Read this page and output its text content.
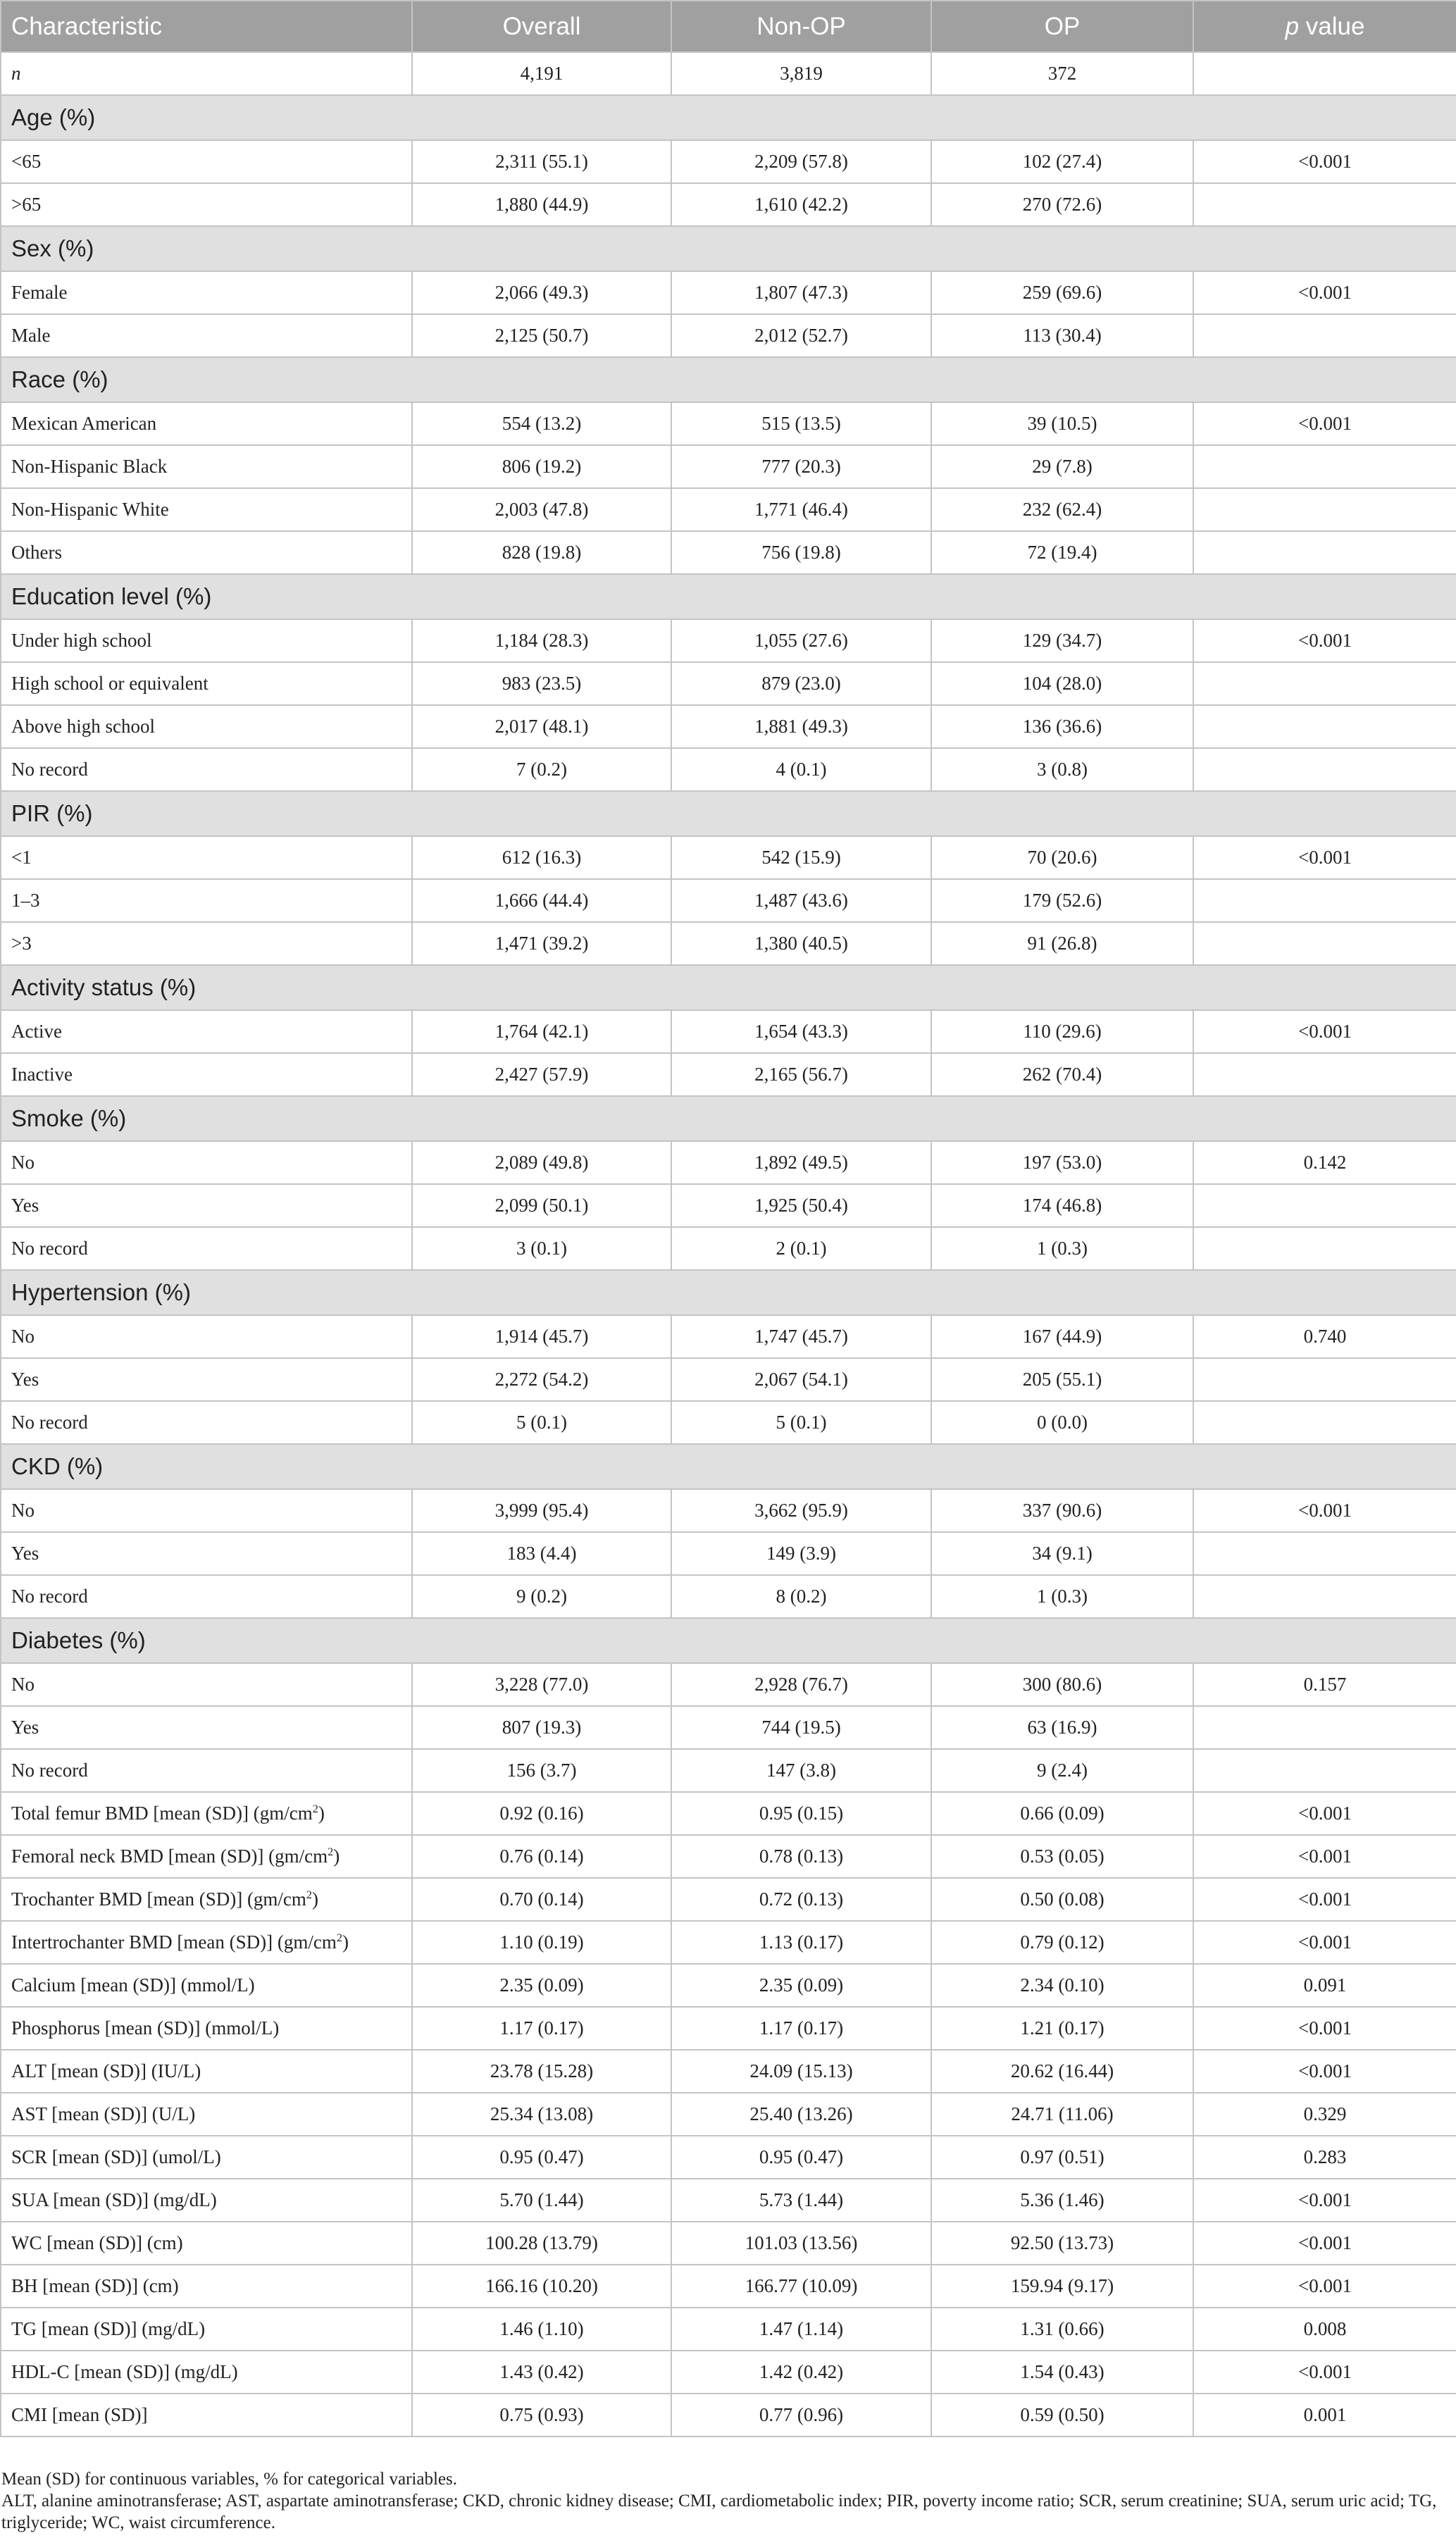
Characteristic	Overall	Non-OP	OP	p value
n	4,191	3,819	372	
Age (%)				
<65	2,311 (55.1)	2,209 (57.8)	102 (27.4)	<0.001
>65	1,880 (44.9)	1,610 (42.2)	270 (72.6)	
Sex (%)				
Female	2,066 (49.3)	1,807 (47.3)	259 (69.6)	<0.001
Male	2,125 (50.7)	2,012 (52.7)	113 (30.4)	
Race (%)				
Mexican American	554 (13.2)	515 (13.5)	39 (10.5)	<0.001
Non-Hispanic Black	806 (19.2)	777 (20.3)	29 (7.8)	
Non-Hispanic White	2,003 (47.8)	1,771 (46.4)	232 (62.4)	
Others	828 (19.8)	756 (19.8)	72 (19.4)	
Education level (%)				
Under high school	1,184 (28.3)	1,055 (27.6)	129 (34.7)	<0.001
High school or equivalent	983 (23.5)	879 (23.0)	104 (28.0)	
Above high school	2,017 (48.1)	1,881 (49.3)	136 (36.6)	
No record	7 (0.2)	4 (0.1)	3 (0.8)	
PIR (%)				
<1	612 (16.3)	542 (15.9)	70 (20.6)	<0.001
1–3	1,666 (44.4)	1,487 (43.6)	179 (52.6)	
>3	1,471 (39.2)	1,380 (40.5)	91 (26.8)	
Activity status (%)				
Active	1,764 (42.1)	1,654 (43.3)	110 (29.6)	<0.001
Inactive	2,427 (57.9)	2,165 (56.7)	262 (70.4)	
Smoke (%)				
No	2,089 (49.8)	1,892 (49.5)	197 (53.0)	0.142
Yes	2,099 (50.1)	1,925 (50.4)	174 (46.8)	
No record	3 (0.1)	2 (0.1)	1 (0.3)	
Hypertension (%)				
No	1,914 (45.7)	1,747 (45.7)	167 (44.9)	0.740
Yes	2,272 (54.2)	2,067 (54.1)	205 (55.1)	
No record	5 (0.1)	5 (0.1)	0 (0.0)	
CKD (%)				
No	3,999 (95.4)	3,662 (95.9)	337 (90.6)	<0.001
Yes	183 (4.4)	149 (3.9)	34 (9.1)	
No record	9 (0.2)	8 (0.2)	1 (0.3)	
Diabetes (%)				
No	3,228 (77.0)	2,928 (76.7)	300 (80.6)	0.157
Yes	807 (19.3)	744 (19.5)	63 (16.9)	
No record	156 (3.7)	147 (3.8)	9 (2.4)	
Total femur BMD [mean (SD)] $(gm/cm^2)$	0.92 (0.16)	0.95 (0.15)	0.66 (0.09)	<0.001
Femoral neck BMD [mean (SD)] $(gm/cm^2)$	0.76 (0.14)	0.78 (0.13)	0.53 (0.05)	<0.001
Trochanter BMD [mean (SD)] $(gm/cm^2)$	0.70 (0.14)	0.72 (0.13)	0.50 (0.08)	<0.001
Intertrochanter BMD [mean (SD)] $(gm/cm^2)$	1.10 (0.19)	1.13 (0.17)	0.79 (0.12)	<0.001
Calcium [mean (SD)] (mmol/L)	2.35 (0.09)	2.35 (0.09)	2.34 (0.10)	0.091
Phosphorus [mean (SD)] (mmol/L)	1.17 (0.17)	1.17 (0.17)	1.21 (0.17)	<0.001
ALT [mean (SD)] (IU/L)	23.78 (15.28)	24.09 (15.13)	20.62 (16.44)	<0.001
AST [mean (SD)] (U/L)	25.34 (13.08)	25.40 (13.26)	24.71 (11.06)	0.329
SCR [mean (SD)] (umol/L)	0.95 (0.47)	0.95 (0.47)	0.97 (0.51)	0.283
SUA [mean (SD)] (mg/dL)	5.70 (1.44)	5.73 (1.44)	5.36 (1.46)	<0.001
WC [mean (SD)] (cm)	100.28 (13.79)	101.03 (13.56)	92.50 (13.73)	<0.001
BH [mean (SD)] (cm)	166.16 (10.20)	166.77 (10.09)	159.94 (9.17)	<0.001
TG [mean (SD)] (mg/dL)	1.46 (1.10)	1.47 (1.14)	1.31 (0.66)	0.008
HDL-C [mean (SD)] (mg/dL)	1.43 (0.42)	1.42 (0.42)	1.54 (0.43)	<0.001
CMI [mean (SD)]	0.75 (0.93)	0.77 (0.96)	0.59 (0.50)	0.001

Mean (SD) for continuous variables, % for categorical variables.

ALT, alanine aminotransferase; AST, aspartate aminotransferase; CKD, chronic kidney disease; CMI, cardiometabolic index; PIR, poverty income ratio; SCR, serum creatinine; SUA, serum uric acid; TG, triglyceride; WC, waist circumference.
